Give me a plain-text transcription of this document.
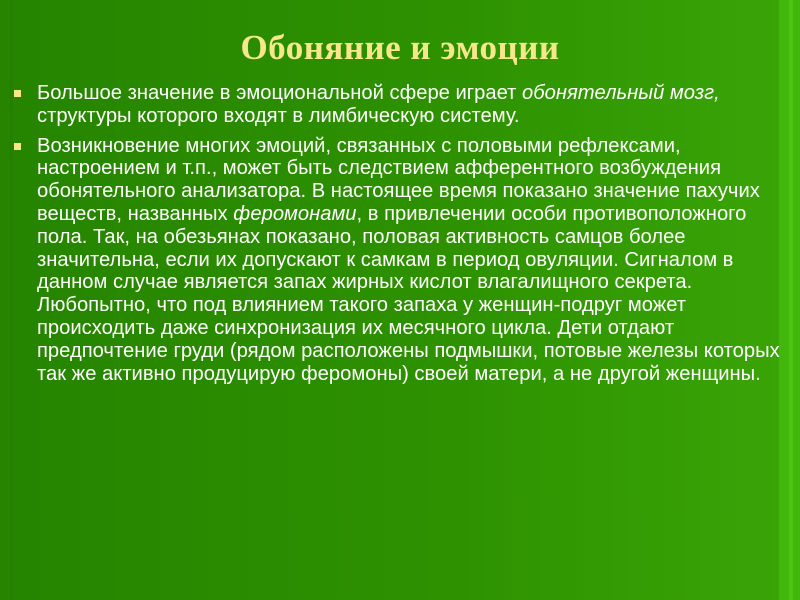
Обоняние и эмоции
Большое значение в эмоциональной сфере играет обонятельный мозг, структуры которого входят в лимбическую систему.
Возникновение многих эмоций, связанных с половыми рефлексами, настроением и т.п., может быть следствием афферентного возбуждения обонятельного анализатора. В настоящее время показано значение пахучих веществ, названных феромонами, в привлечении особи противоположного пола. Так, на обезьянах показано, половая активность самцов более значительна, если их допускают к самкам в период овуляции. Сигналом в данном случае является запах жирных кислот влагалищного секрета. Любопытно, что под влиянием такого запаха у женщин-подруг может происходить даже синхронизация их месячного цикла. Дети отдают предпочтение груди (рядом расположены подмышки, потовые железы которых так же активно продуцирую феромоны) своей матери, а не другой женщины.
